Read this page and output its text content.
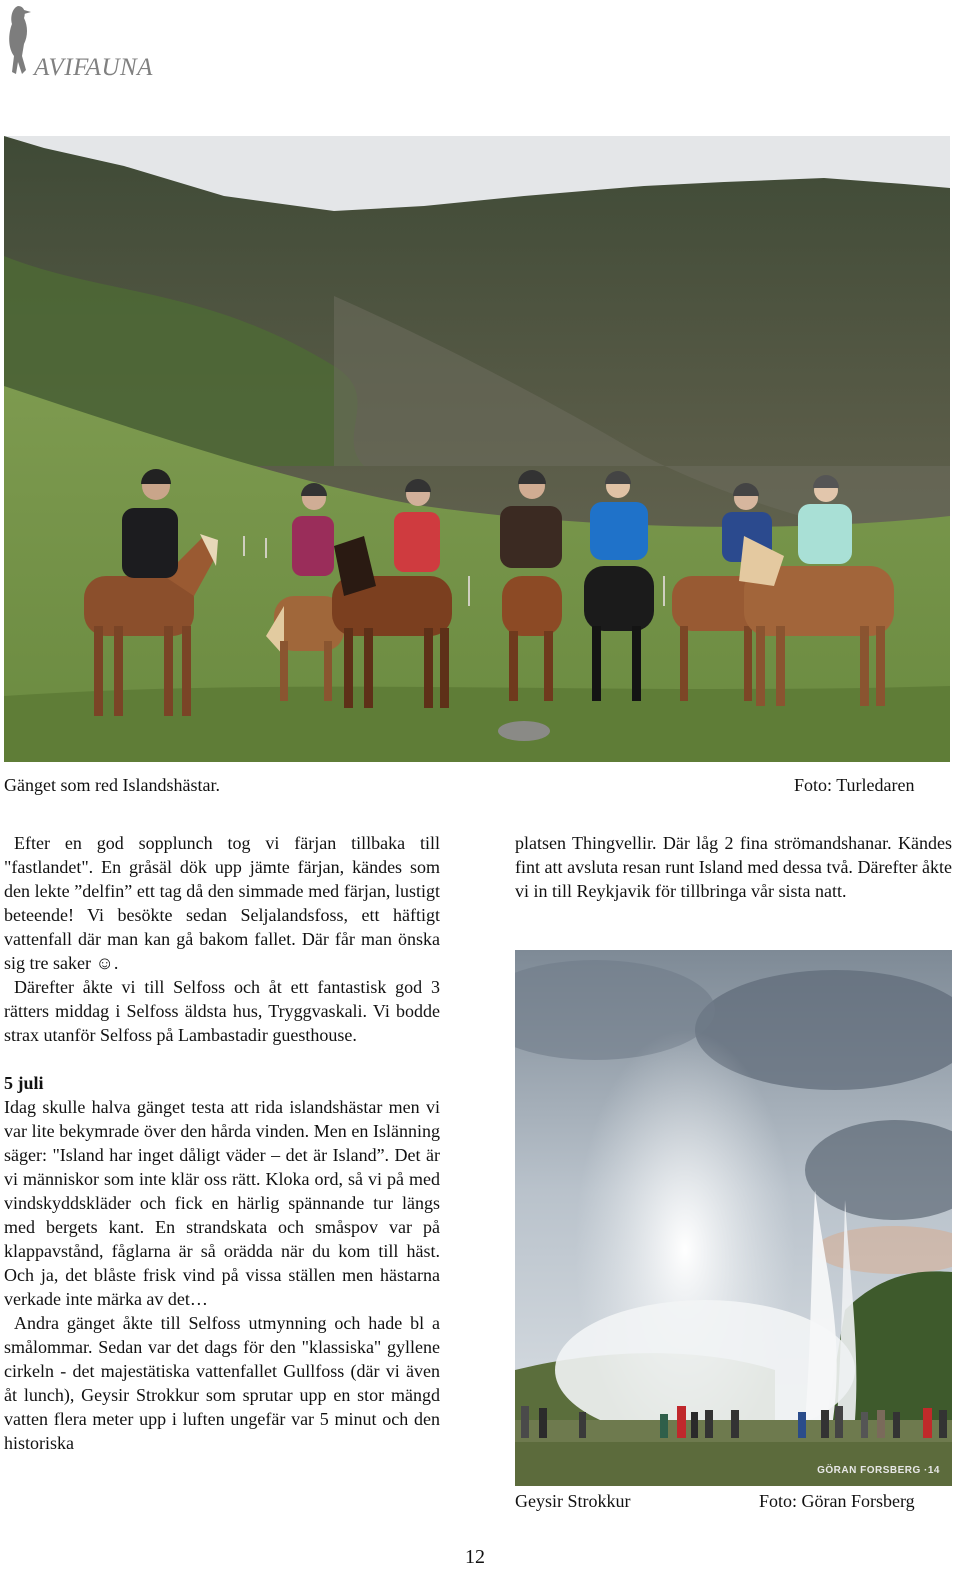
AVIFAUNA
Gänget som red Islandshästar.	Foto: Turledaren

Efter en god sopplunch tog vi färjan tillbaka till "fastlandet". En gråsäl dök upp jämte färjan, kändes som den lekte ”delfin” ett tag då den simmade med färjan, lustigt beteende! Vi besökte sedan Seljalandsfoss, ett häftigt vattenfall där man kan gå bakom fallet. Där får man önska sig tre saker ☺.

Därefter åkte vi till Selfoss och åt ett fantastisk god 3 rätters middag i Selfoss äldsta hus, Tryggvaskali. Vi bodde strax utanför Selfoss på Lambastadir guesthouse.

5 juli

Idag skulle halva gänget testa att rida islandshästar men vi var lite bekymrade över den hårda vinden. Men en Islänning säger: "Island har inget dåligt väder – det är Island”. Det är vi människor som inte klär oss rätt. Kloka ord, så vi på med vindskyddskläder och fick en härlig spännande tur längs med bergets kant. En strandskata och småspov var på klappavstånd, fåglarna är så orädda när du kom till häst. Och ja, det blåste frisk vind på vissa ställen men hästarna verkade inte märka av det…

Andra gänget åkte till Selfoss utmynning och hade bl a smålommar. Sedan var det dags för den "klassiska" gyllene cirkeln - det majestätiska vattenfallet Gullfoss (där vi även åt lunch), Geysir Strokkur som sprutar upp en stor mängd vatten flera meter upp i luften ungefär var 5 minut och den historiska

platsen Thingvellir. Där låg 2 fina strömandshanar. Kändes fint att avsluta resan runt Island med dessa två. Därefter åkte vi in till Reykjavik för tillbringa vår sista natt.

GÖRAN FORSBERG ·14
Geysir Strokkur	Foto: Göran Forsberg
12
